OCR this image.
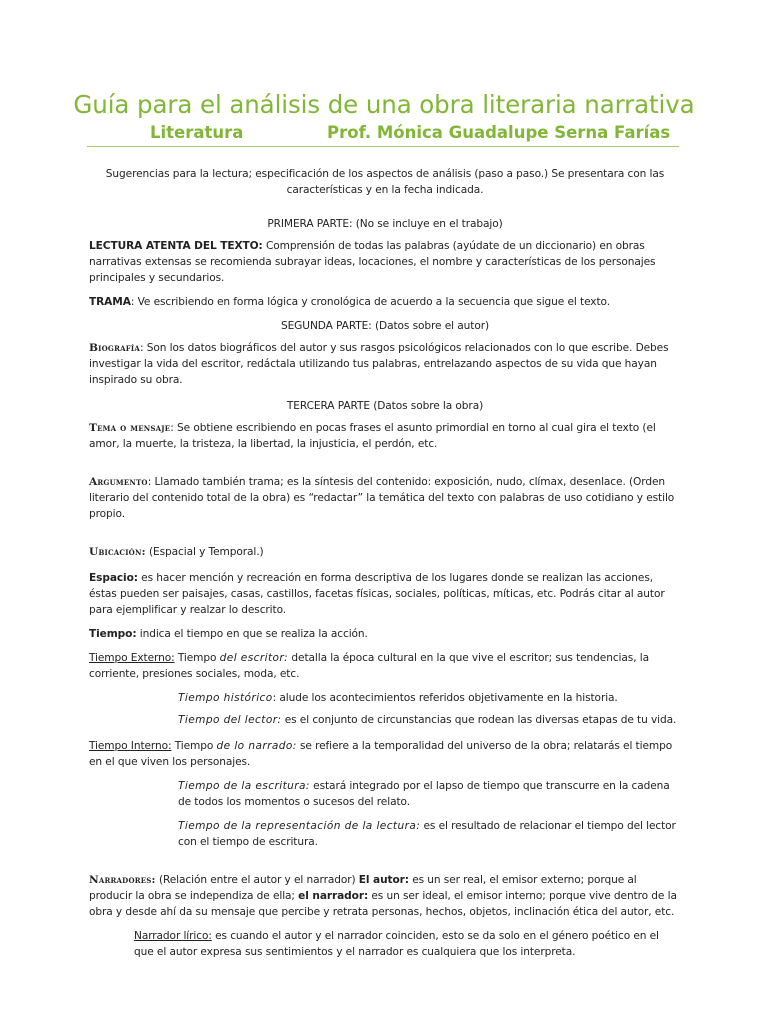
Guía para el análisis de una obra literaria narrativa
Literatura	Prof. Mónica Guadalupe Serna Farías

Sugerencias para la lectura; especificación de los aspectos de análisis (paso a paso.) Se presentara con las características y en la fecha indicada.

PRIMERA PARTE: (No se incluye en el trabajo)

LECTURA ATENTA DEL TEXTO: Comprensión de todas las palabras (ayúdate de un diccionario) en obras narrativas extensas se recomienda subrayar ideas, locaciones, el nombre y características de los personajes principales y secundarios.

TRAMA: Ve escribiendo en forma lógica y cronológica de acuerdo a la secuencia que sigue el texto.

SEGUNDA PARTE: (Datos sobre el autor)

Biografía: Son los datos biográficos del autor y sus rasgos psicológicos relacionados con lo que escribe. Debes investigar la vida del escritor, redáctala utilizando tus palabras, entrelazando aspectos de su vida que hayan inspirado su obra.

TERCERA PARTE (Datos sobre la obra)

Tema o mensaje: Se obtiene escribiendo en pocas frases el asunto primordial en torno al cual gira el texto (el amor, la muerte, la tristeza, la libertad, la injusticia, el perdón, etc.

Argumento: Llamado también trama; es la síntesis del contenido: exposición, nudo, clímax, desenlace. (Orden literario del contenido total de la obra) es “redactar” la temática del texto con palabras de uso cotidiano y estilo propio.

Ubicación: (Espacial y Temporal.)

Espacio: es hacer mención y recreación en forma descriptiva de los lugares donde se realizan las acciones, éstas pueden ser paisajes, casas, castillos, facetas físicas, sociales, políticas, míticas, etc. Podrás citar al autor para ejemplificar y realzar lo descrito.

Tiempo: indica el tiempo en que se realiza la acción.

Tiempo Externo: Tiempo del escritor: detalla la época cultural en la que vive el escritor; sus tendencias, la corriente, presiones sociales, moda, etc.

Tiempo histórico: alude los acontecimientos referidos objetivamente en la historia.

Tiempo del lector: es el conjunto de circunstancias que rodean las diversas etapas de tu vida.

Tiempo Interno: Tiempo de lo narrado: se refiere a la temporalidad del universo de la obra; relatarás el tiempo en el que viven los personajes.

Tiempo de la escritura: estará integrado por el lapso de tiempo que transcurre en la cadena de todos los momentos o sucesos del relato.

Tiempo de la representación de la lectura: es el resultado de relacionar el tiempo del lector con el tiempo de escritura.

Narradores: (Relación entre el autor y el narrador) El autor: es un ser real, el emisor externo; porque al producir la obra se independiza de ella; el narrador: es un ser ideal, el emisor interno; porque vive dentro de la obra y desde ahí da su mensaje que percibe y retrata personas, hechos, objetos, inclinación ética del autor, etc.

Narrador lírico: es cuando el autor y el narrador coinciden, esto se da solo en el género poético en el que el autor expresa sus sentimientos y el narrador es cualquiera que los interpreta.
